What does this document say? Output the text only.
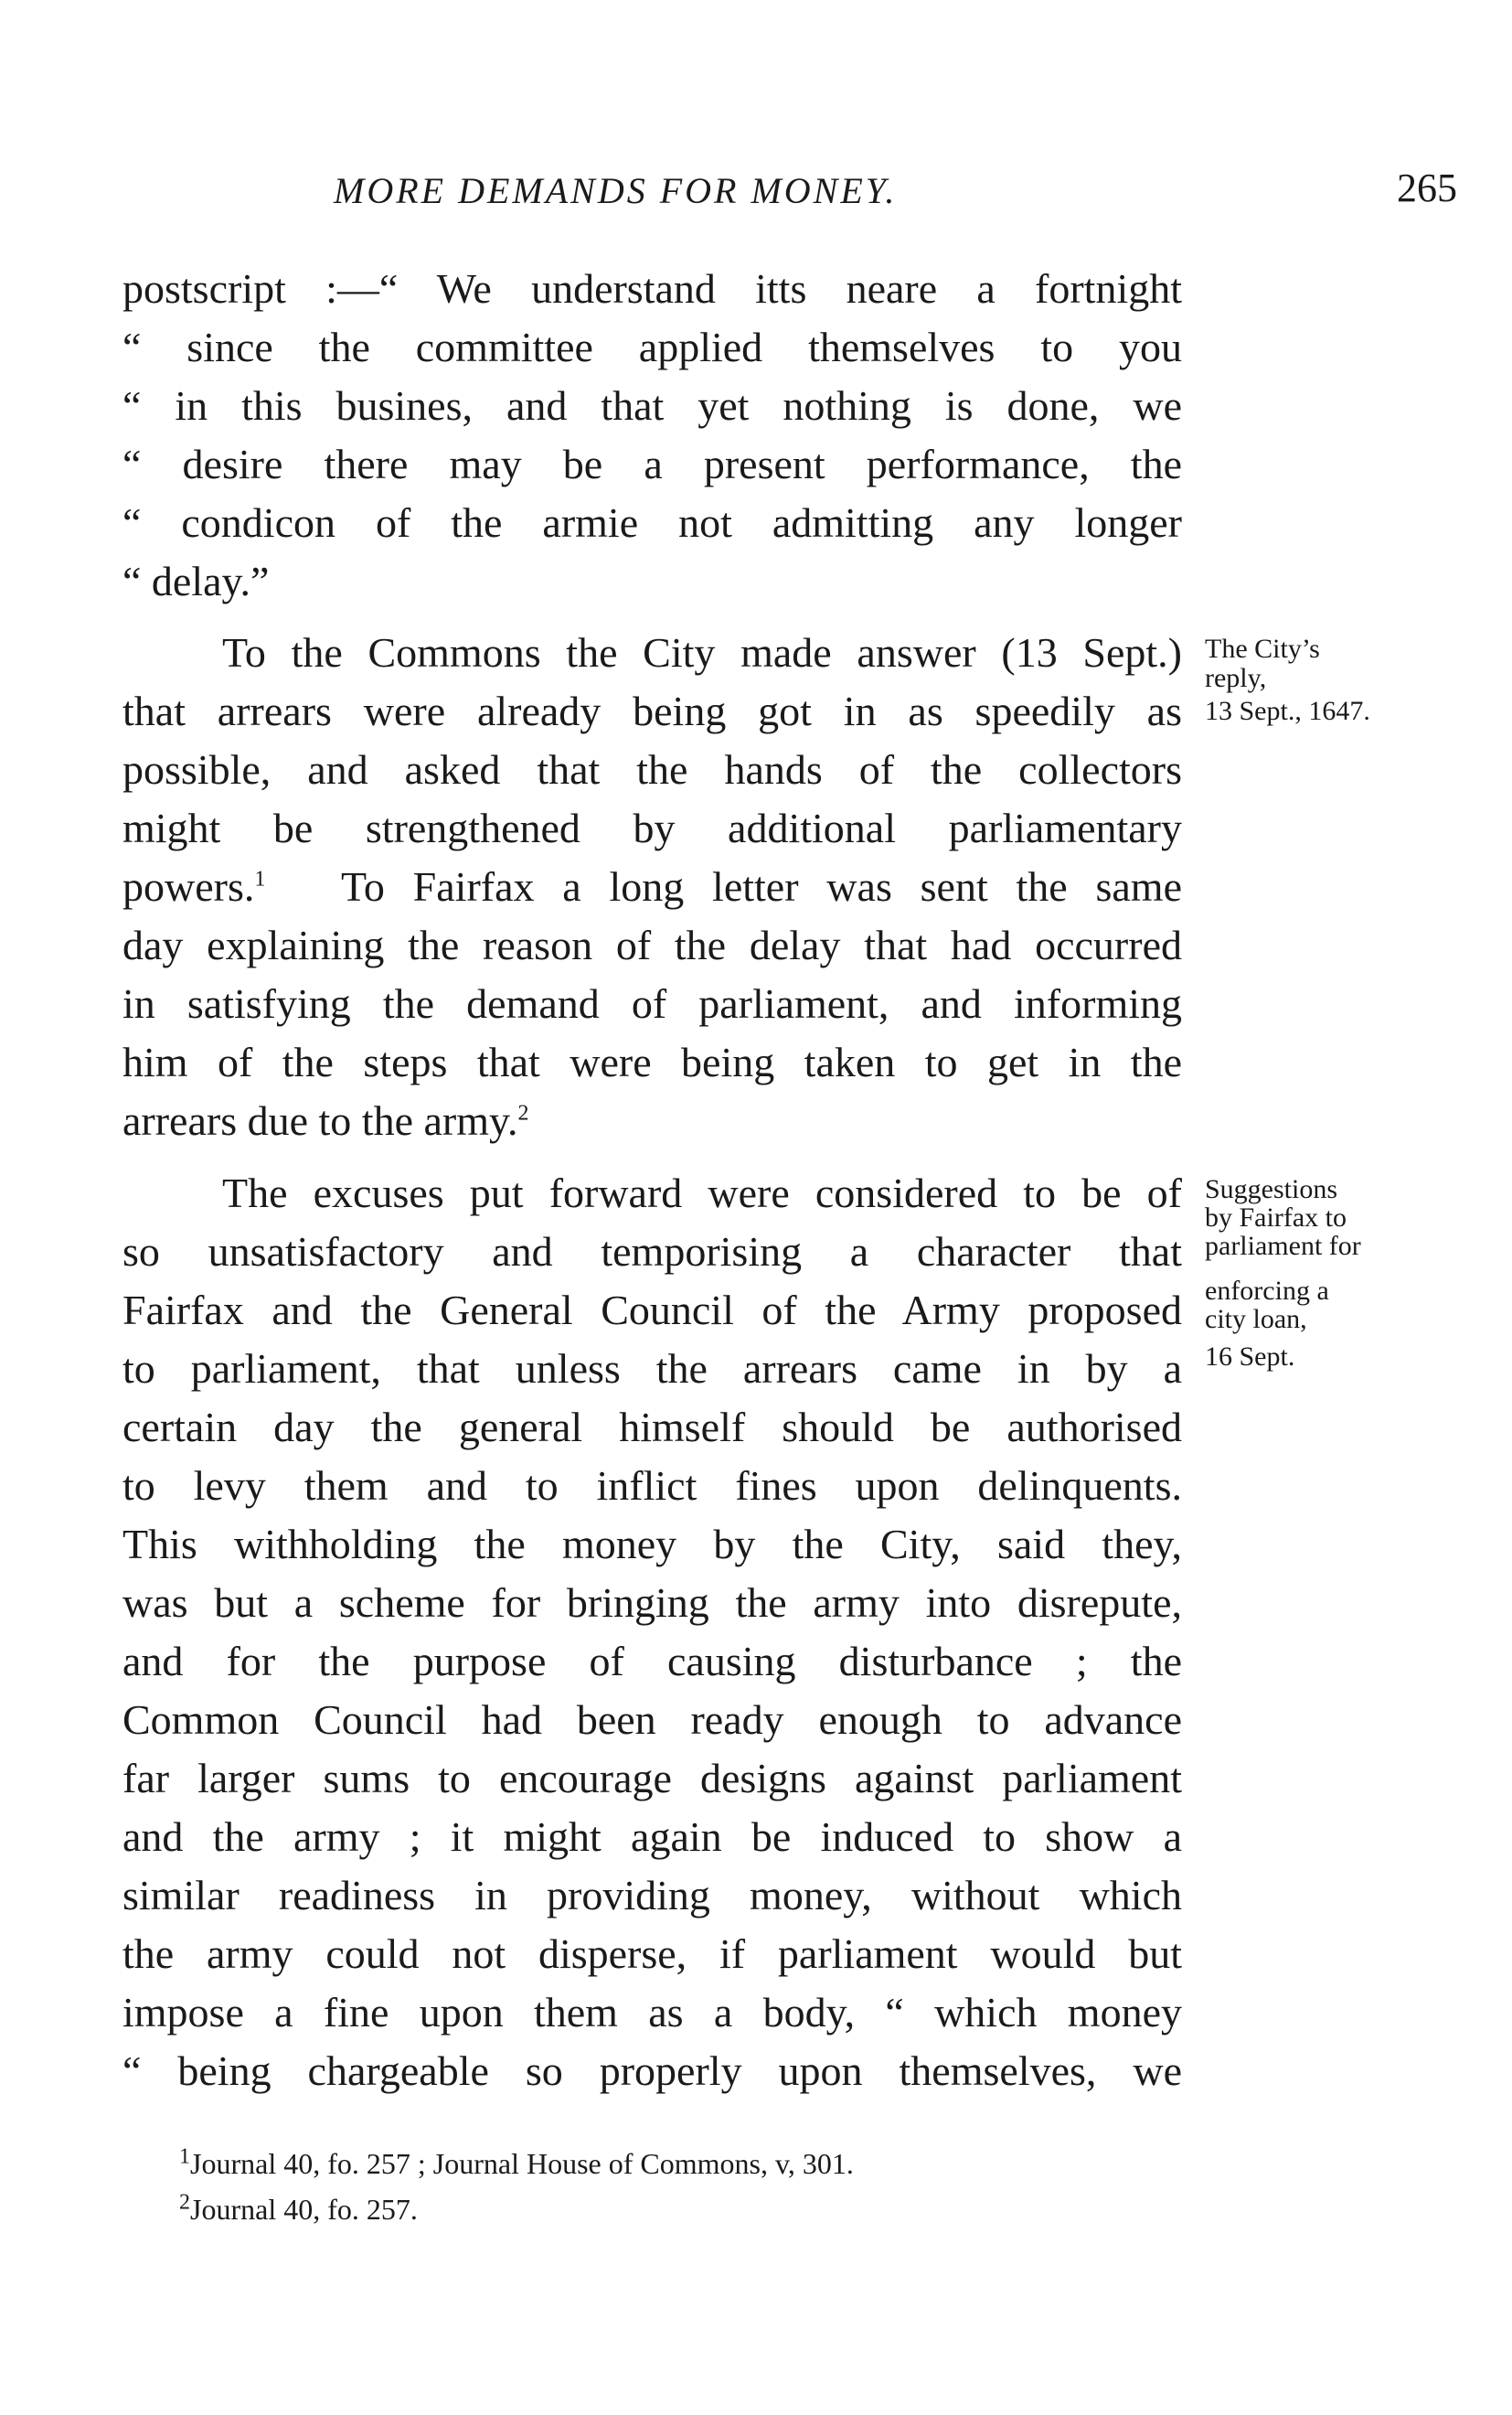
MORE DEMANDS FOR MONEY.	265
postscript :—“ We understand itts neare a fortnight
“ since the committee applied themselves to you
“ in this busines, and that yet nothing is done, we
“ desire there may be a present performance, the
“ condicon of the armie not admitting any longer
“ delay.”
To the Commons the City made answer (13 Sept.)
that arrears were already being got in as speedily as
possible, and asked that the hands of the collectors
might be strengthened by additional parliamentary
powers.$^1$ To Fairfax a long letter was sent the same
day explaining the reason of the delay that had occurred
in satisfying the demand of parliament, and informing
him of the steps that were being taken to get in the
arrears due to the army.$^2$
The excuses put forward were considered to be of
so unsatisfactory and temporising a character that
Fairfax and the General Council of the Army proposed
to parliament, that unless the arrears came in by a
certain day the general himself should be authorised
to levy them and to inflict fines upon delinquents.
This withholding the money by the City, said they,
was but a scheme for bringing the army into disrepute,
and for the purpose of causing disturbance ; the
Common Council had been ready enough to advance
far larger sums to encourage designs against parliament
and the army ; it might again be induced to show a
similar readiness in providing money, without which
the army could not disperse, if parliament would but
impose a fine upon them as a body, “ which money
“ being chargeable so properly upon themselves, we
The City’s
reply,
13 Sept., 1647.
Suggestions
by Fairfax to
parliament for
enforcing a
city loan,
16 Sept.
$^1$Journal 40, fo. 257 ; Journal House of Commons, v, 301.
$^2$Journal 40, fo. 257.
